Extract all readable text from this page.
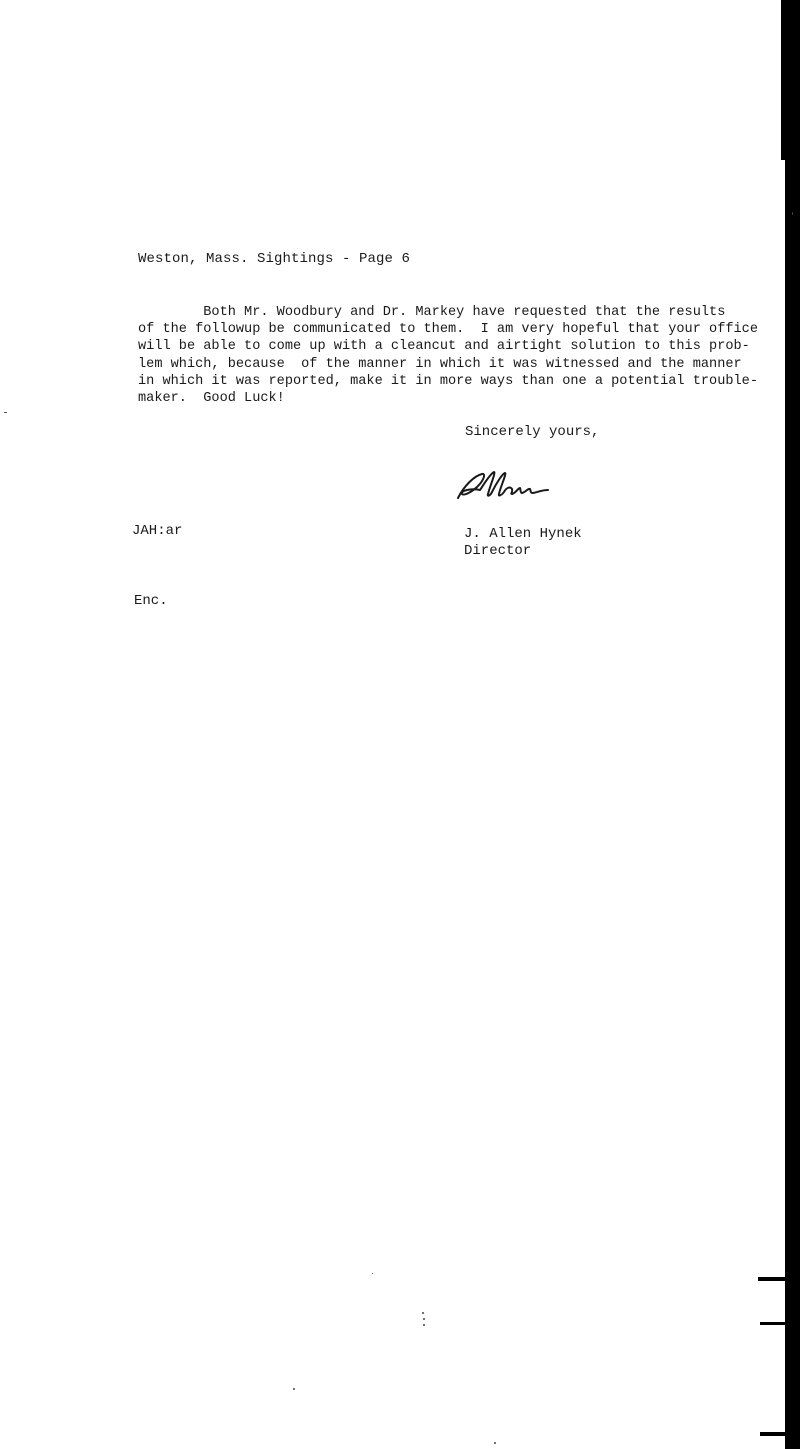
Weston, Mass. Sightings - Page 6
Both Mr. Woodbury and Dr. Markey have requested that the results
of the followup be communicated to them.  I am very hopeful that your office
will be able to come up with a cleancut and airtight solution to this prob-
lem which, because  of the manner in which it was witnessed and the manner
in which it was reported, make it in more ways than one a potential trouble-
maker.  Good Luck!
Sincerely yours,
JAH:ar	J. Allen Hynek
Director
Enc.
